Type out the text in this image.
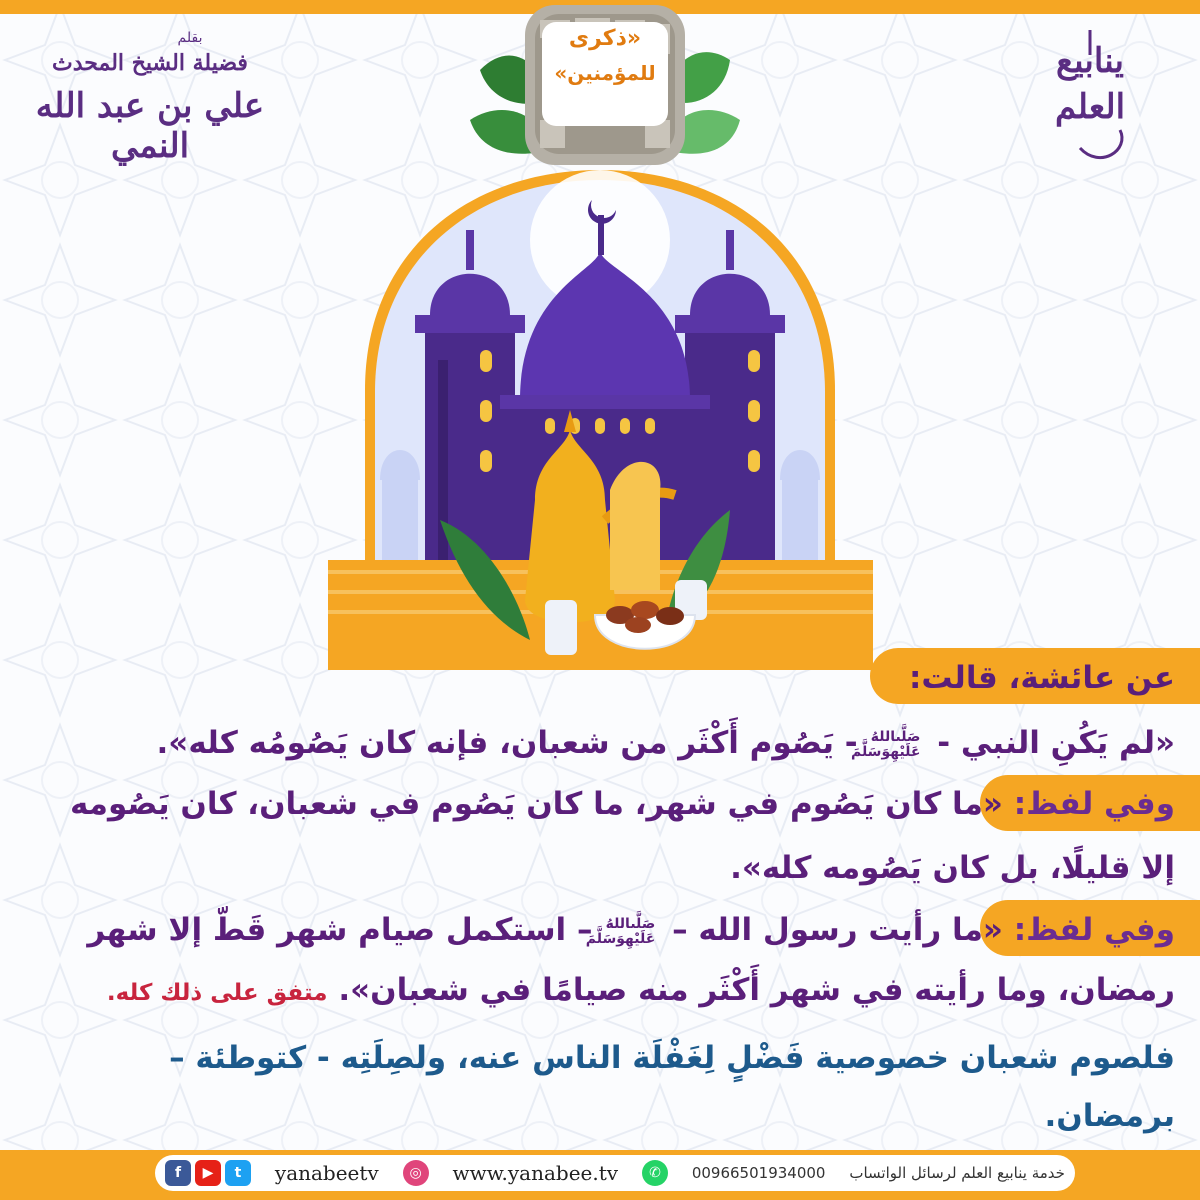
ينابيع العلم
بقلم
فضيلة الشيخ المحدث
علي بن عبد الله النمي
«ذكرى
للمؤمنين»
عن عائشة، قالت:
«لم يَكُنِ النبي - صَلَّىاللهُ
عَلَيْهِوَسَلَّمَ - يَصُوم أَكْثَر من شعبان، فإنه كان يَصُومُه كله».
وفي لفظ: «ما كان يَصُوم في شهر، ما كان يَصُوم في شعبان، كان يَصُومه
إلا قليلًا، بل كان يَصُومه كله».
وفي لفظ: «ما رأيت رسول الله – صَلَّىاللهُ
عَلَيْهِوَسَلَّمَ – استكمل صيام شهر قَطّ إلا شهر
رمضان، وما رأيته في شهر أَكْثَر منه صيامًا في شعبان». متفق على ذلك كله.
فلصوم شعبان خصوصية فَضْلٍ لِغَفْلَة الناس عنه، ولصِلَتِه - كتوطئة –
برمضان.
f	▶	t	yanabeetv	◎	www.yanabee.tv	✆	00966501934000 خدمة ينابيع العلم لرسائل الواتساب
